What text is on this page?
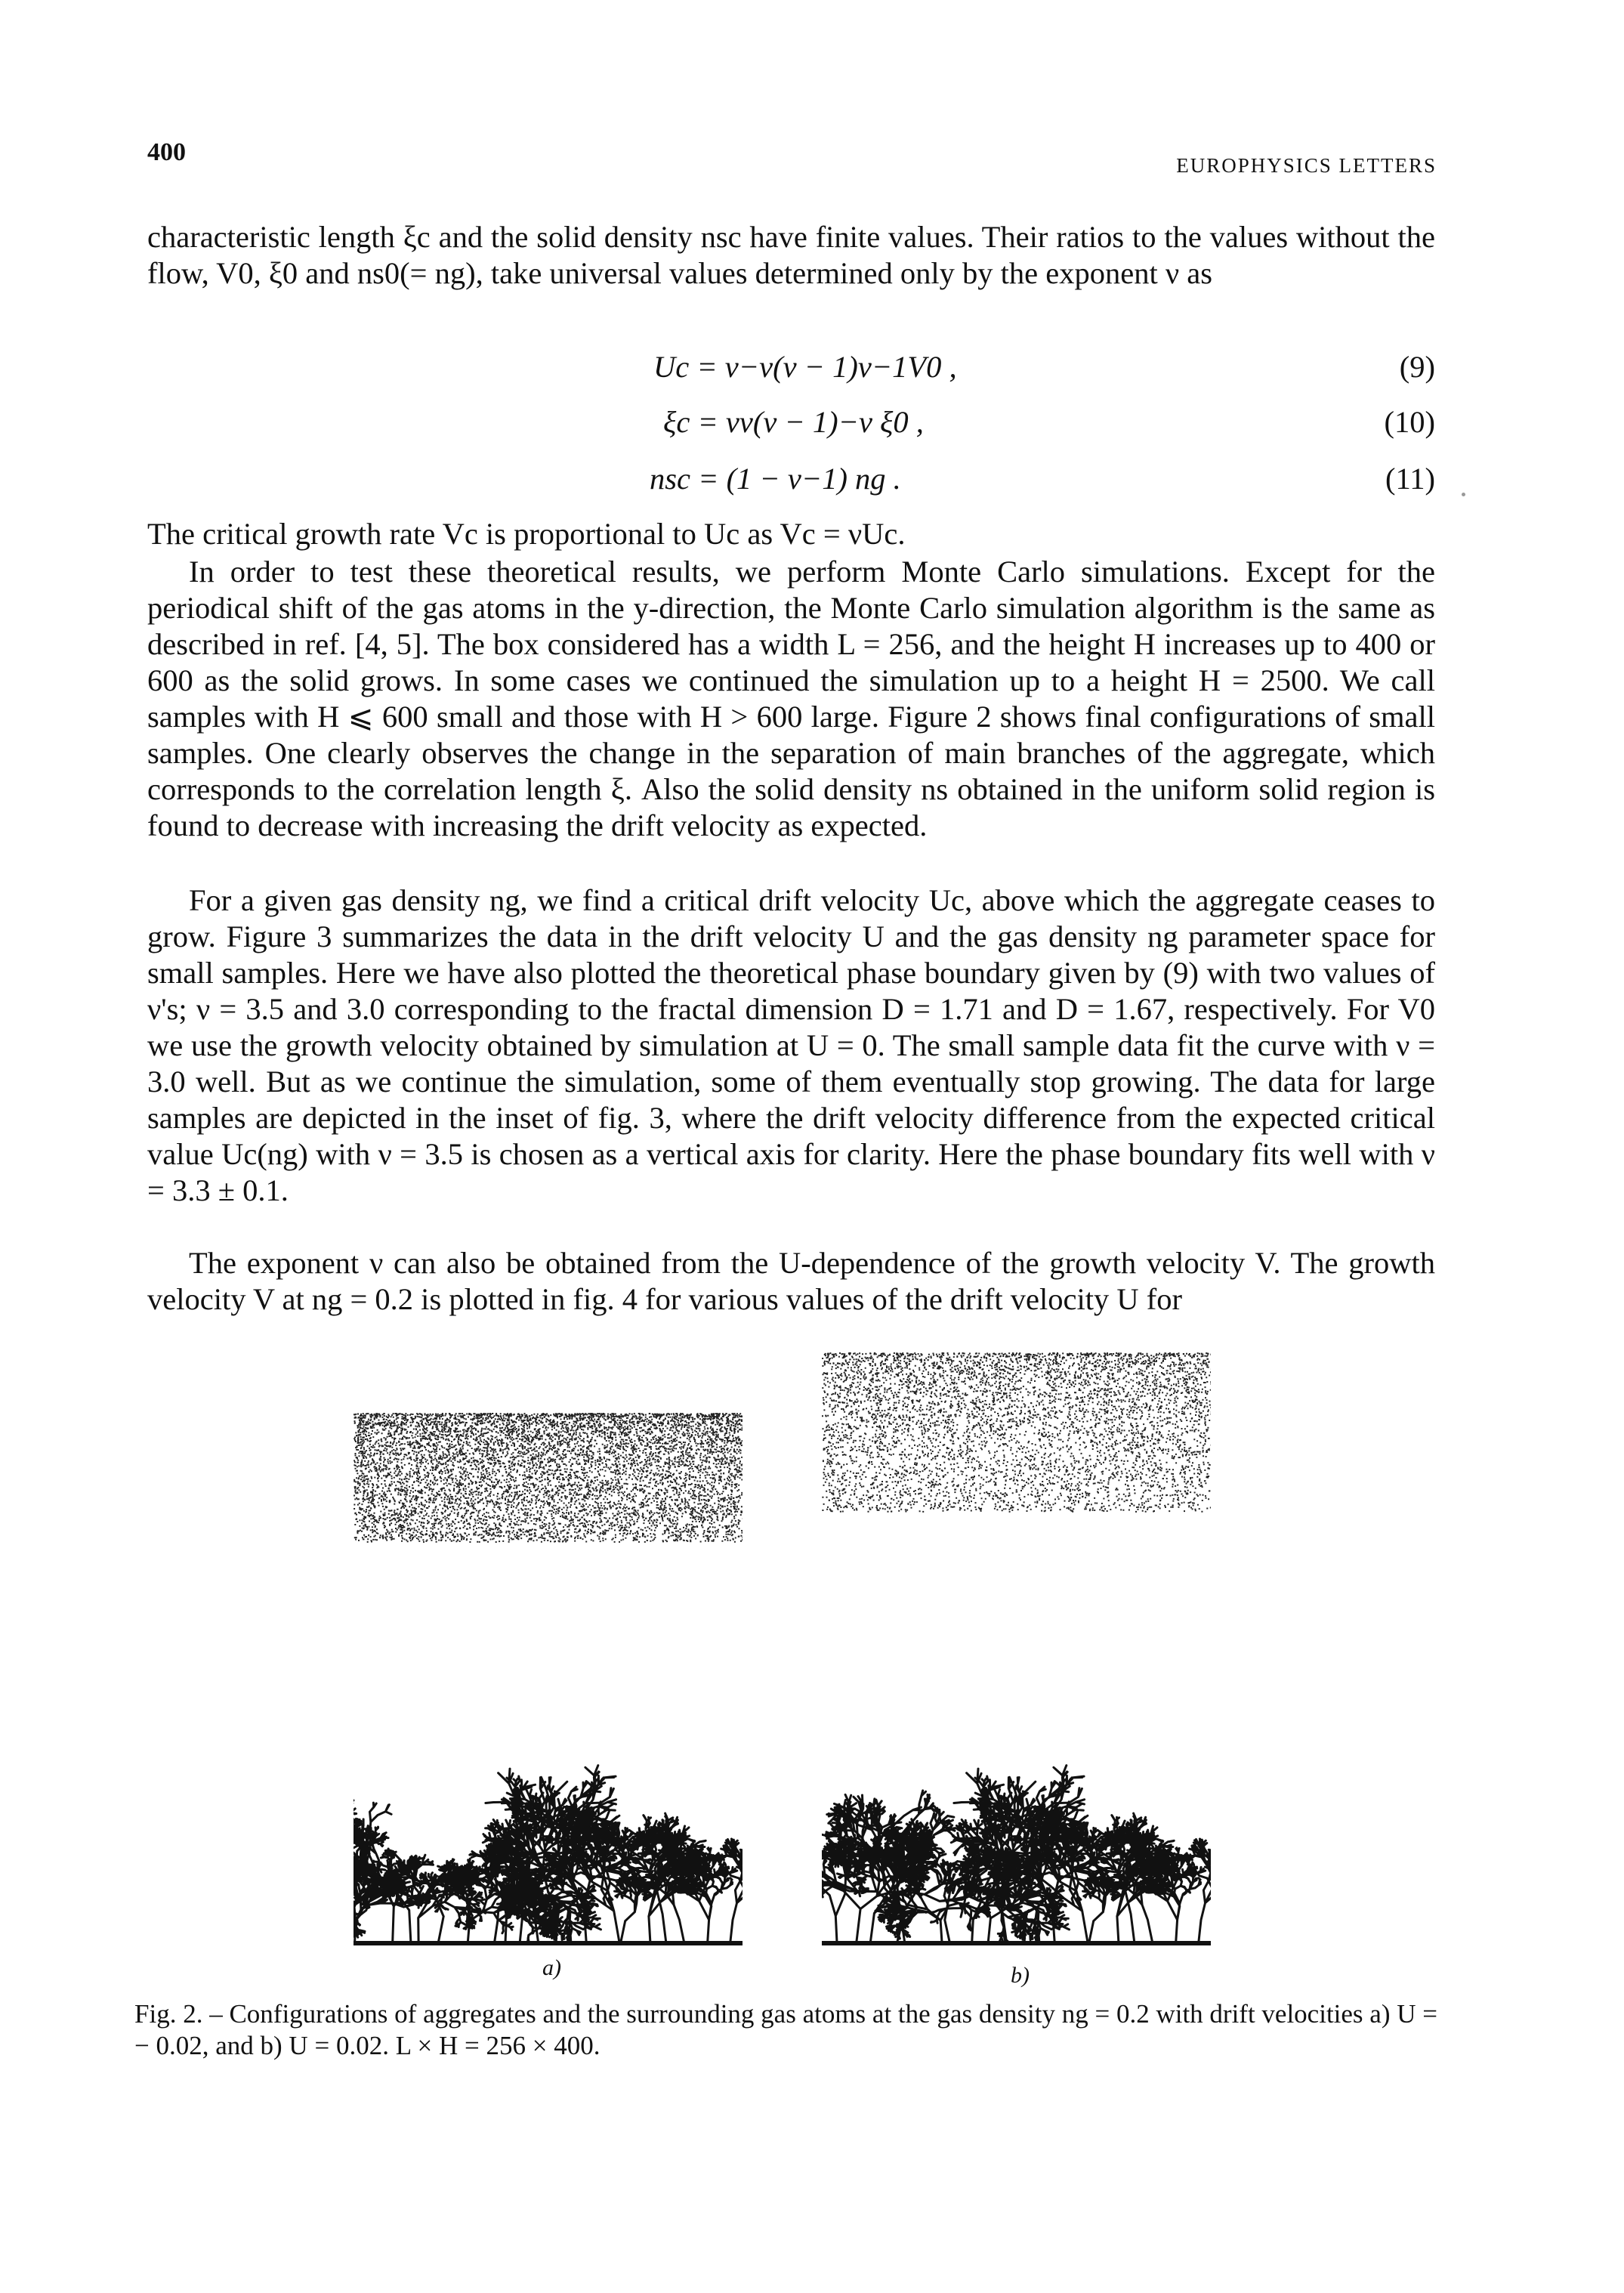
400	EUROPHYSICS LETTERS

characteristic length ξc and the solid density nsc have finite values. Their ratios to the values without the flow, V0, ξ0 and ns0(= ng), take universal values determined only by the exponent ν as

Uc = ν−ν(ν − 1)ν−1V0 ,	(9)
ξc = νν(ν − 1)−ν ξ0 ,	(10)
nsc = (1 − ν−1) ng .	(11)

The critical growth rate Vc is proportional to Uc as Vc = νUc.

In order to test these theoretical results, we perform Monte Carlo simulations. Except for the periodical shift of the gas atoms in the y-direction, the Monte Carlo simulation algorithm is the same as described in ref. [4, 5]. The box considered has a width L = 256, and the height H increases up to 400 or 600 as the solid grows. In some cases we continued the simulation up to a height H = 2500. We call samples with H ⩽ 600 small and those with H > 600 large. Figure 2 shows final configurations of small samples. One clearly observes the change in the separation of main branches of the aggregate, which corresponds to the correlation length ξ. Also the solid density ns obtained in the uniform solid region is found to decrease with increasing the drift velocity as expected.

For a given gas density ng, we find a critical drift velocity Uc, above which the aggregate ceases to grow. Figure 3 summarizes the data in the drift velocity U and the gas density ng parameter space for small samples. Here we have also plotted the theoretical phase boundary given by (9) with two values of ν's; ν = 3.5 and 3.0 corresponding to the fractal dimension D = 1.71 and D = 1.67, respectively. For V0 we use the growth velocity obtained by simulation at U = 0. The small sample data fit the curve with ν = 3.0 well. But as we continue the simulation, some of them eventually stop growing. The data for large samples are depicted in the inset of fig. 3, where the drift velocity difference from the expected critical value Uc(ng) with ν = 3.5 is chosen as a vertical axis for clarity. Here the phase boundary fits well with ν = 3.3 ± 0.1.

The exponent ν can also be obtained from the U-dependence of the growth velocity V. The growth velocity V at ng = 0.2 is plotted in fig. 4 for various values of the drift velocity U for

a)	b)

Fig. 2. – Configurations of aggregates and the surrounding gas atoms at the gas density ng = 0.2 with drift velocities a) U = − 0.02, and b) U = 0.02. L × H = 256 × 400.
